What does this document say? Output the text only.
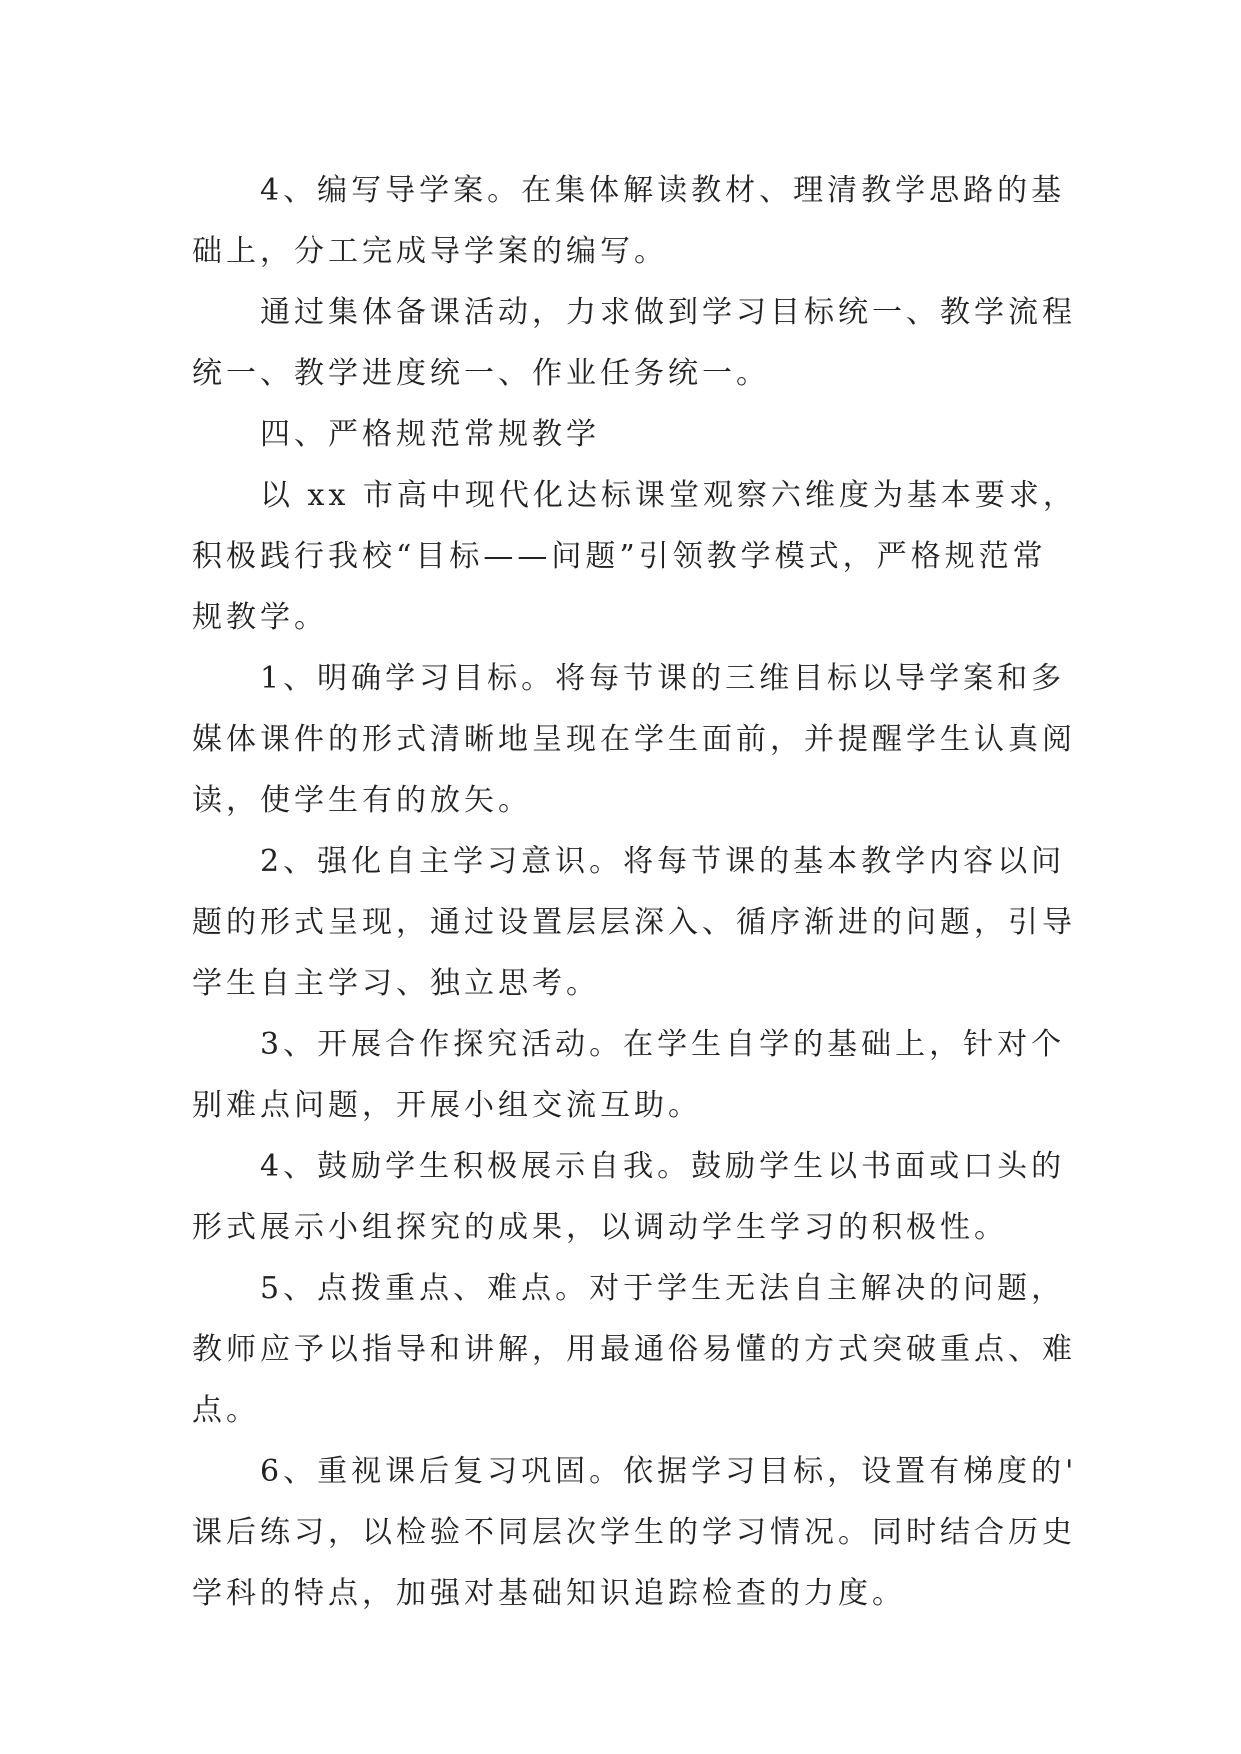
4、编写导学案。在集体解读教材、理清教学思路的基
础上，分工完成导学案的编写。

通过集体备课活动，力求做到学习目标统一、教学流程
统一、教学进度统一、作业任务统一。

四、严格规范常规教学

以 xx 市高中现代化达标课堂观察六维度为基本要求，
积极践行我校“目标——问题”引领教学模式，严格规范常
规教学。

1、明确学习目标。将每节课的三维目标以导学案和多
媒体课件的形式清晰地呈现在学生面前，并提醒学生认真阅
读，使学生有的放矢。

2、强化自主学习意识。将每节课的基本教学内容以问
题的形式呈现，通过设置层层深入、循序渐进的问题，引导
学生自主学习、独立思考。

3、开展合作探究活动。在学生自学的基础上，针对个
别难点问题，开展小组交流互助。

4、鼓励学生积极展示自我。鼓励学生以书面或口头的
形式展示小组探究的成果，以调动学生学习的积极性。

5、点拨重点、难点。对于学生无法自主解决的问题，
教师应予以指导和讲解，用最通俗易懂的方式突破重点、难
点。

6、重视课后复习巩固。依据学习目标，设置有梯度的'
课后练习，以检验不同层次学生的学习情况。同时结合历史
学科的特点，加强对基础知识追踪检查的力度。
